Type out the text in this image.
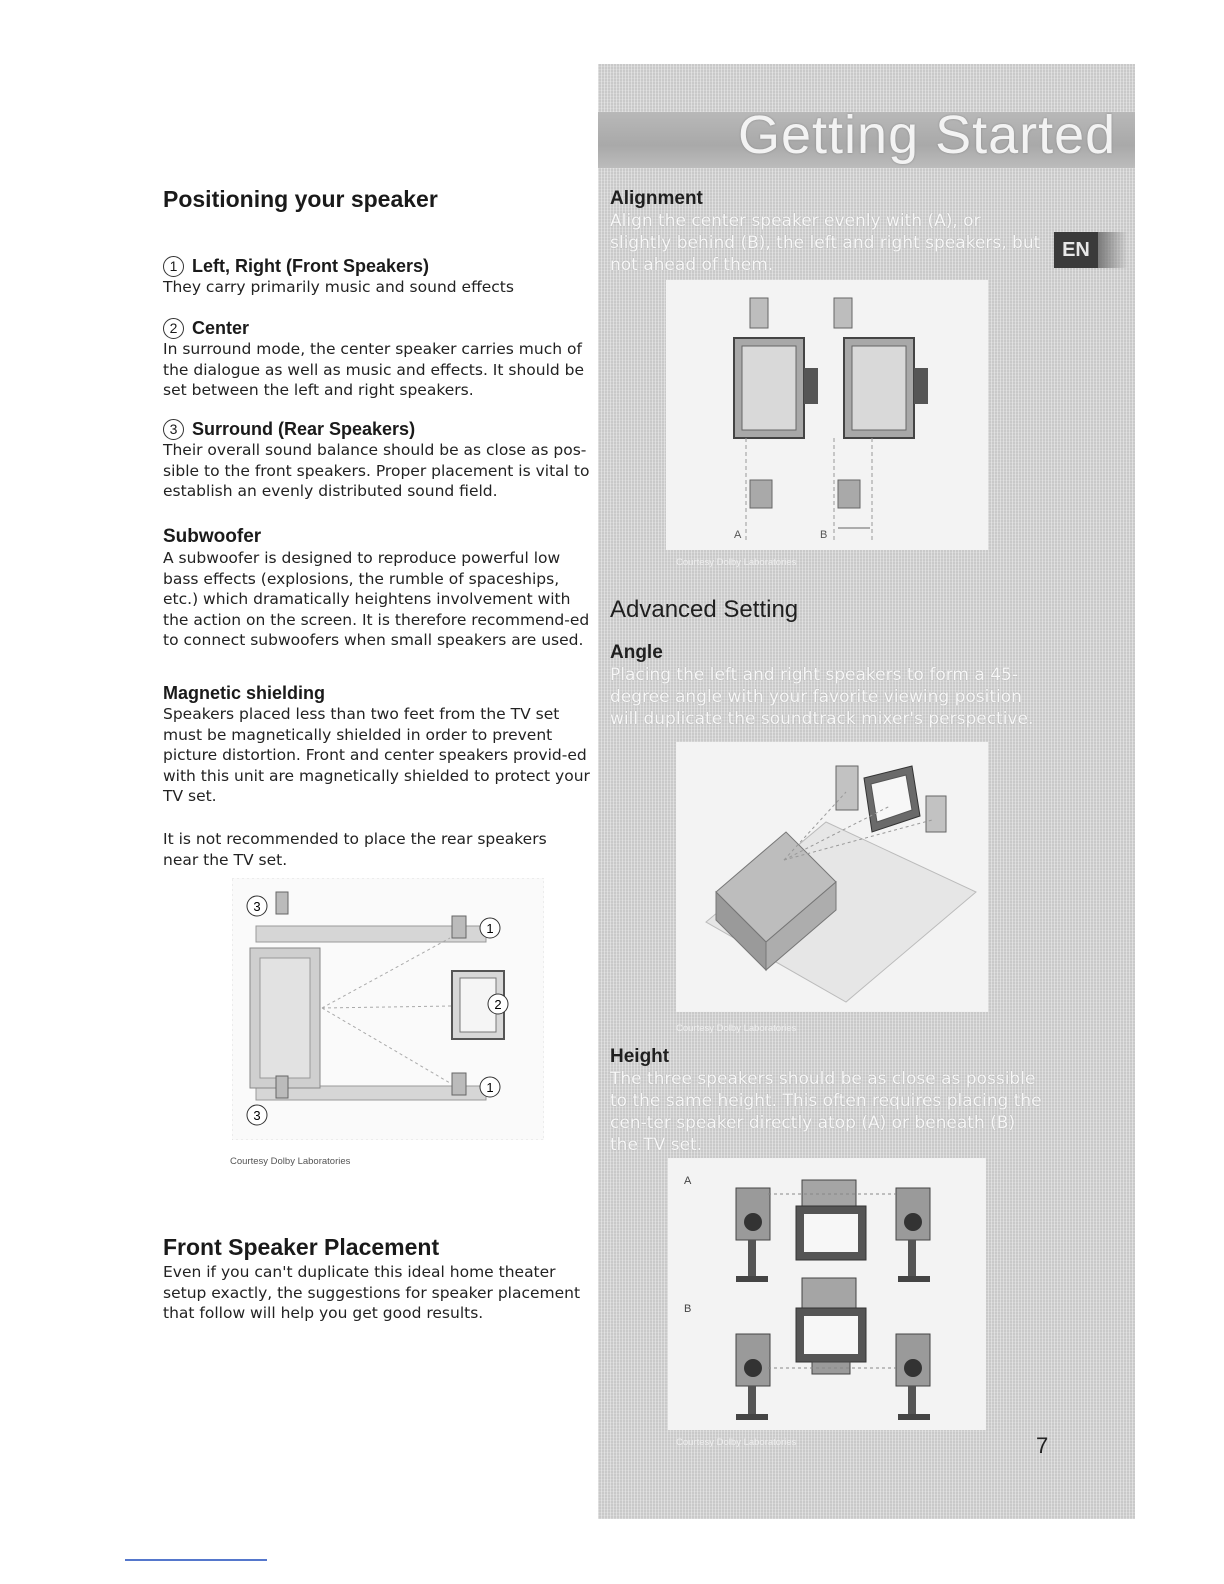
Positioning your speaker
1 Left, Right (Front Speakers)

They carry primarily music and sound effects

2 Center

In surround mode, the center speaker carries much of the dialogue as well as music and effects. It should be set between the left and right speakers.

3 Surround (Rear Speakers)

Their overall sound balance should be as close as pos-sible to the front speakers. Proper placement is vital to establish an evenly distributed sound field.

Subwoofer

A subwoofer is designed to reproduce powerful low bass effects (explosions, the rumble of spaceships, etc.) which dramatically heightens involvement with the action on the screen. It is therefore recommend-ed to connect subwoofers when small speakers are used.

Magnetic shielding

Speakers placed less than two feet from the TV set must be magnetically shielded in order to prevent picture distortion. Front and center speakers provid-ed with this unit are magnetically shielded to protect your TV set.

It is not recommended to place the rear speakers near the TV set.

3
1
2
1
3
Courtesy Dolby Laboratories
Front Speaker Placement

Even if you can't duplicate this ideal home theater setup exactly, the suggestions for speaker placement that follow will help you get good results.

Getting Started
EN
Alignment

Align the center speaker evenly with (A), or slightly behind (B), the left and right speakers, but not ahead of them.

A	B
Courtesy Dolby Laboratories
Advanced Setting
Angle

Placing the left and right speakers to form a 45-degree angle with your favorite viewing position will duplicate the soundtrack mixer's perspective.

Courtesy Dolby Laboratories
Height

The three speakers should be as close as possible to the same height. This often requires placing the cen-ter speaker directly atop (A) or beneath (B) the TV set.

A
B
Courtesy Dolby Laboratories	7
